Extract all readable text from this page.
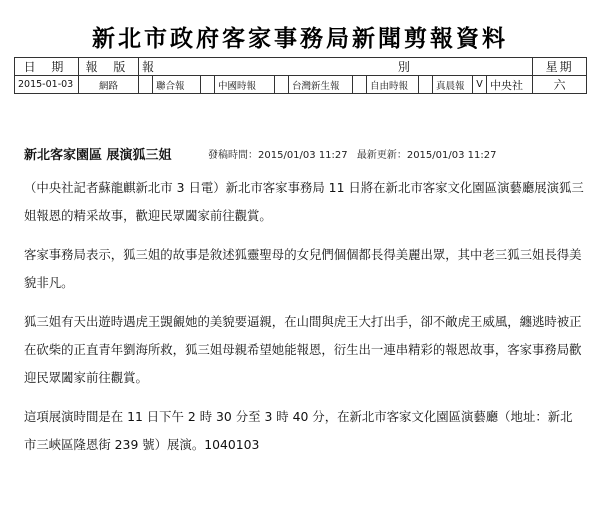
新北市政府客家事務局新聞剪報資料
日 期	報 版	報 別												星期
2015-01-03	網路		聯合報		中國時報		台灣新生報		自由時報		真晨報	V	中央社	六
新北客家園區 展演狐三姐	發稿時間：2015/01/03 11:27 最新更新：2015/01/03 11:27

（中央社記者蘇龍麒新北市 3 日電）新北市客家事務局 11 日將在新北市客家文化園區演藝廳展演狐三姐報恩的精采故事，歡迎民眾闔家前往觀賞。

客家事務局表示，狐三姐的故事是敘述狐靈聖母的女兒們個個都長得美麗出眾，其中老三狐三姐長得美貌非凡。

狐三姐有天出遊時遇虎王覬覦她的美貌要逼親，在山間與虎王大打出手，卻不敵虎王威風，纏逃時被正在砍柴的正直青年劉海所救，狐三姐母親希望她能報恩，衍生出一連串精彩的報恩故事，客家事務局歡迎民眾闔家前往觀賞。

這項展演時間是在 11 日下午 2 時 30 分至 3 時 40 分，在新北市客家文化園區演藝廳（地址：新北市三峽區隆恩街 239 號）展演。1040103
